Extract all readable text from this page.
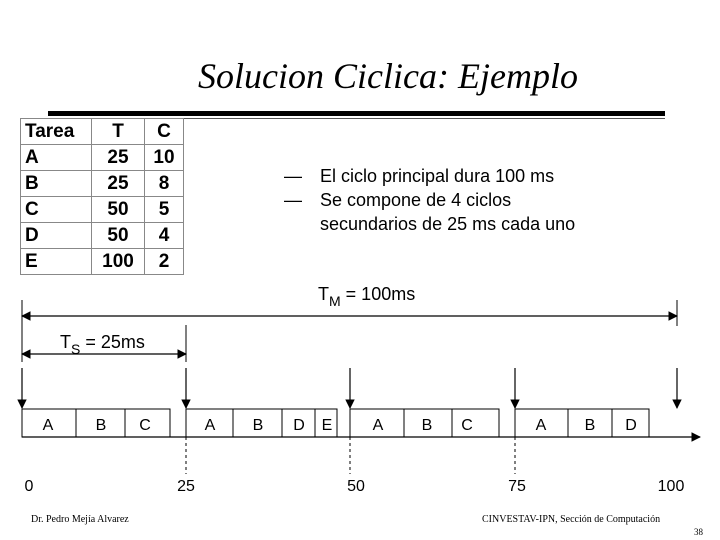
Solucion Ciclica: Ejemplo
Tarea	T	C
A	25	10
B	25	8
C	50	5
D	50	4
E	100	2
— El ciclo principal dura 100 ms
— Se compone de 4 ciclos
secundarios de 25 ms cada uno
$T_M = 100ms$
$T_S = 25ms$
A	B C	A B D E	A B C	A B D
0	25	50	75	100
Dr. Pedro Mejía Alvarez	CINVESTAV-IPN, Sección de Computación
38
